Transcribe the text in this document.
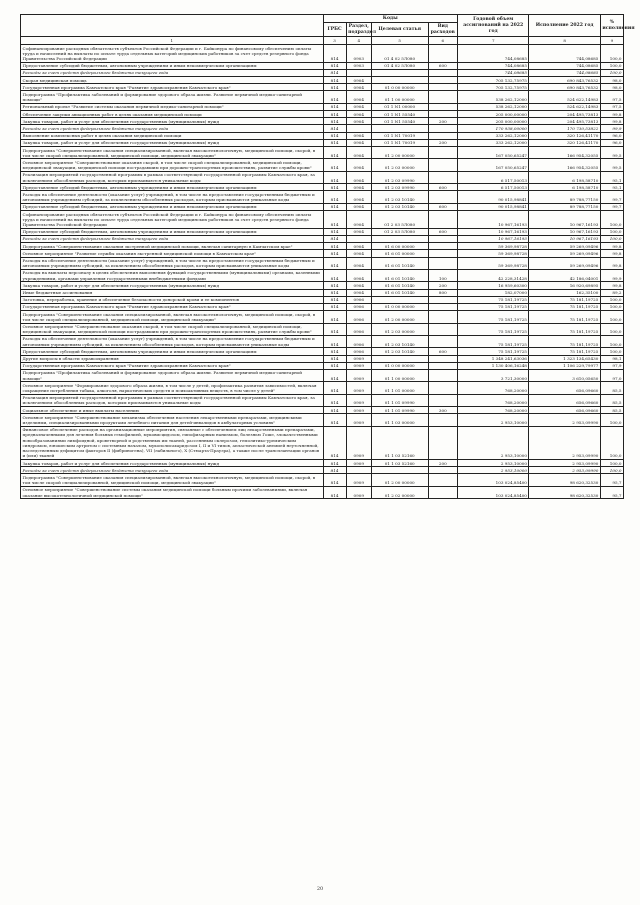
	Коды				Годовой объем ассигнований на 2022 год	Исполнение 2022 год	% исполнения
	ГРБС	Раздел, подраздел	Целевая статья	Вид расходов			
1	3	4	5	6	7	8	9
Софинансирование расходных обязательств субъектов Российской Федерации и г. Байконура по финансовому обеспечению оплаты труда и начислений на выплаты по оплате труда отдельных категорий медицинских работников за счет средств резервного фонда Правительства Российской Федерации	814	0903	01 4 02 5Л080		744,08685	744,08685	100,0
Предоставление субсидий бюджетным, автономным учреждениям и иным некоммерческим организациям	814	0903	01 4 02 5Л080	600	744,08685	744,08685	100,0
Расходы за счет средств федерального бюджета текущего года	814				744,08685	744,08685	100,0
Скорая медицинская помощь	814	0904			705 132,75975	690 843,76532	98,0
Государственная программа Камчатского края "Развитие здравоохранения Камчатского края"	814	0904	01 0 00 00000		705 132,75975	690 843,76532	98,0
Подпрограмма "Профилактика заболеваний и формирование здорового образа жизни. Развитие первичной медико-санитарной помощи"	814	0904	01 1 00 00000		538 262,12000	524 622,14983	97,5
Региональный проект "Развитие системы оказания первичной медико-санитарной помощи"	814	0904	01 1 N1 00000		538 262,12000	524 622,14983	97,5
Обеспечение закупки авиационных работ в целях оказания медицинской помощи	814	0904	01 1 N1 55540		205 000,00000	204 495,73813	99,8
Закупка товаров, работ и услуг для обеспечения государственных (муниципальных) нужд	814	0904	01 1 N1 55540	200	205 000,00000	204 495,73813	99,8
Расходы за счет средств федерального бюджета текущего года	814				170 938,00000	170 730,53822	99,9
Выполнение комплексных работ в целях оказания медицинской помощи	814	0904	01 1 N1 70019		333 262,12000	320 126,41170	96,0
Закупка товаров, работ и услуг для обеспечения государственных (муниципальных) нужд	814	0904	01 1 N1 70019	200	333 262,12000	320 126,41170	96,0
Подпрограмма "Совершенствование оказания специализированной, включая высокотехнологичную, медицинской помощи, скорой, в том числе скорой специализированной, медицинской помощи, медицинской эвакуации"	814	0904	01 2 00 00000		167 050,65247	166 954,32055	99,5
Основное мероприятие "Совершенствование оказания скорой, в том числе скорой специализированной, медицинской помощи, медицинской эвакуации, медицинской помощи пострадавшим при дорожно-транспортных происшествиях, развитие службы крови"	814	0904	01 2 03 00000		167 050,65247	166 954,32055	99,5
Реализация мероприятий государственной программы в рамках соответствующей государственной программы Камчатского края, за исключением обособленных расходов, которым присваиваются уникальные коды	814	0904	01 2 03 09990		6 517,50013	6 198,58710	95,1
Предоставление субсидий бюджетным, автономным учреждениям и иным некоммерческим организациям	814	0904	01 2 03 09990	600	6 517,50013	6 198,58710	95,1
Расходы на обеспечение деятельности (оказание услуг) учреждений, в том числе на предоставление государственным бюджетным и автономным учреждениям субсидий, за исключением обособленных расходов, которым присваиваются уникальные коды	814	0904	01 2 03 10140		90 015,98841	89 788,77150	99,7
Предоставление субсидий бюджетным, автономным учреждениям и иным некоммерческим организациям	814	0904	01 2 03 10140	600	90 015,98841	89 788,77150	99,7
Софинансирование расходных обязательств субъектов Российской Федерации и г. Байконура по финансовому обеспечению оплаты труда и начислений на выплаты по оплате труда отдельных категорий медицинских работников за счет средств резервного фонда Правительства Российской Федерации	814	0904	01 2 03 5Л080		10 967,16193	10 967,16193	100,0
Предоставление субсидий бюджетным, автономным учреждениям и иным некоммерческим организациям	814	0904	01 2 03 5Л080	600	10 967,16193	10 967,16193	100,0
Расходы за счет средств федерального бюджета текущего года	814				10 967,16193	10 967,16193	100,0
Подпрограмма "Совершенствование оказания экстренной медицинской помощи, включая санитарную в Камчатском крае"	814	0904	01 6 00 00000		59 369,98728	59 269,09496	99,8
Основное мероприятие "Развитие службы оказания экстренной медицинской помощи в Камчатском крае"	814	0904	01 6 01 00000		59 369,98728	59 269,09496	99,8
Расходы на обеспечение деятельности (оказание услуг) учреждений, в том числе на предоставление государственным бюджетным и автономным учреждениям субсидий, за исключением обособленных расходов, которым присваиваются уникальные коды	814	0904	01 6 01 10140		59 369,98728	59 269,09496	99,8
Расходы на выплаты персоналу в целях обеспечения выполнения функций государственными (муниципальными) органами, казенными учреждениями, органами управления государственными внебюджетными фондами	814	0904	01 6 01 10140	100	42 228,31428	42 186,04001	99,9
Закупка товаров, работ и услуг для обеспечения государственных (муниципальных) нужд	814	0904	01 6 01 10140	200	16 959,60300	16 920,69895	99,8
Иные бюджетные ассигнования	814	0904	01 6 01 10140	800	182,07000	162,35100	89,2
Заготовка, переработка, хранение и обеспечение безопасности донорской крови и ее компонентов	814	0906			75 181,19725	75 181,19725	100,0
Государственная программа Камчатского края "Развитие здравоохранения Камчатского края"	814	0906	01 0 00 00000		75 181,19725	75 181,19725	100,0
Подпрограмма "Совершенствование оказания специализированной, включая высокотехнологичную, медицинской помощи, скорой, в том числе скорой специализированной, медицинской помощи, медицинской эвакуации"	814	0906	01 2 00 00000		75 181,19725	75 181,19725	100,0
Основное мероприятие "Совершенствование оказания скорой, в том числе скорой специализированной, медицинской помощи, медицинской эвакуации, медицинской помощи пострадавшим при дорожно-транспортных происшествиях, развитие службы крови"	814	0906	01 2 03 00000		75 181,19725	75 181,19725	100,0
Расходы на обеспечение деятельности (оказание услуг) учреждений, в том числе на предоставление государственным бюджетным и автономным учреждениям субсидий, за исключением обособленных расходов, которым присваиваются уникальные коды	814	0906	01 2 03 10140		75 181,19725	75 181,19725	100,0
Предоставление субсидий бюджетным, автономным учреждениям и иным некоммерческим организациям	814	0906	01 2 03 10140	600	75 181,19725	75 181,19725	100,0
Другие вопросы в области здравоохранения	814	0909			1 348 241,63036	1 323 134,65430	98,1
Государственная программа Камчатского края "Развитие здравоохранения Камчатского края"	814	0909	01 0 00 00000		1 130 406,16248	1 106 229,79977	97,9
Подпрограмма "Профилактика заболеваний и формирование здорового образа жизни. Развитие первичной медико-санитарной помощи"	814	0909	01 1 00 00000		3 721,30000	3 610,05650	97,0
Основное мероприятие "Формирование здорового образа жизни, в том числе у детей, профилактика развития зависимостей, включая сокращение потребления табака, алкоголя, наркотических средств и психоактивных веществ, в том числе у детей"	814	0909	01 1 01 00000		768,20000	656,09660	85,5
Реализация мероприятий государственной программы в рамках соответствующей государственной программы Камчатского края, за исключением обособленных расходов, которым присваиваются уникальные коды	814	0909	01 1 01 09990		768,20000	656,09660	85,5
Социальное обеспечение и иные выплаты населению	814	0909	01 1 01 09990	300	768,20000	656,09660	85,5
Основное мероприятие "Совершенствование механизма обеспечения населения лекарственными препаратами, медицинскими изделиями, специализированными продуктами лечебного питания для детей-инвалидов в амбулаторных условиях"	814	0909	01 1 03 00000		2 953,10000	2 953,09990	100,0
Финансовое обеспечение расходов на организационные мероприятия, связанные с обеспечением лиц лекарственными препаратами, предназначенными для лечения больных гемофилией, муковисцидозом, гипофизарным нанизмом, болезнью Гоше, злокачественными новообразованиями лимфоидной, кроветворной и родственных им тканей, рассеянным склерозом, гемолитико-уремическим синдромом, юношеским артритом с системным началом, мукополисахаридозом I, II и VI типов, апластической анемией неуточненной, наследственным дефицитом факторов II (фибриногена), VII (лабильного), X (Стюарта-Прауэра), а также после трансплантации органов и (или) тканей	814	0909	01 1 03 52160		2 953,10000	2 953,09990	100,0
Закупка товаров, работ и услуг для обеспечения государственных (муниципальных) нужд	814	0909	01 1 03 52160	200	2 953,10000	2 953,09990	100,0
Расходы за счет средств федерального бюджета текущего года	814				2 953,10000	2 953,09990	100,0
Подпрограмма "Совершенствование оказания специализированной, включая высокотехнологичную, медицинской помощи, скорой, в том числе скорой специализированной, медицинской помощи, медицинской эвакуации"	814	0909	01 2 00 00000		103 024,85400	98 620,32530	95,7
Основное мероприятие "Совершенствование системы оказания медицинской помощи больным прочими заболеваниями, включая оказание высокотехнологичной медицинской помощи"	814	0909	01 2 02 00000		103 024,85400	98 620,32530	95,7
20
